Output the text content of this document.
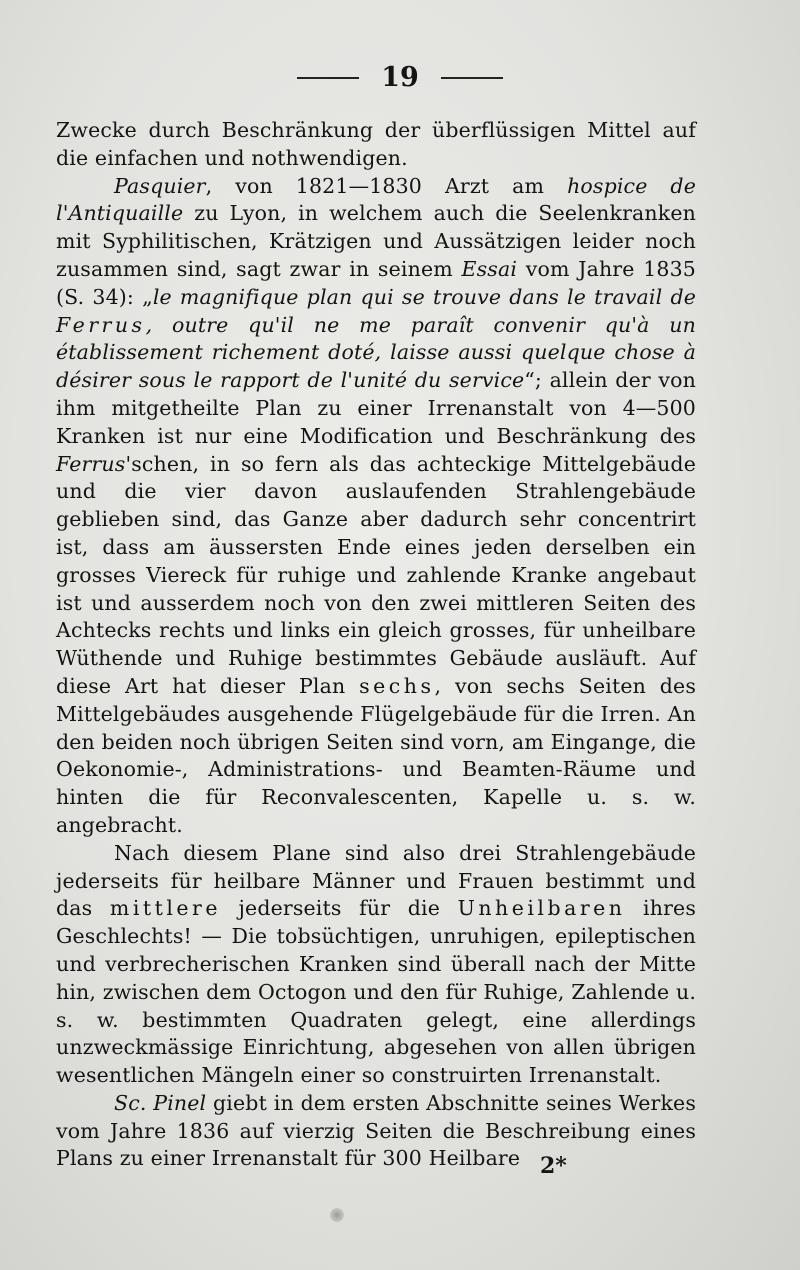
19

Zwecke durch Beschränkung der überflüssigen Mittel auf die einfachen und nothwendigen.

Pasquier, von 1821—1830 Arzt am hospice de l'Antiquaille zu Lyon, in welchem auch die Seelenkranken mit Syphilitischen, Krätzigen und Aussätzigen leider noch zusammen sind, sagt zwar in seinem Essai vom Jahre 1835 (S. 34): „le magnifique plan qui se trouve dans le travail de Ferrus, outre qu'il ne me paraît convenir qu'à un établissement richement doté, laisse aussi quelque chose à désirer sous le rapport de l'unité du service“; allein der von ihm mitgetheilte Plan zu einer Irrenanstalt von 4—500 Kranken ist nur eine Modification und Beschränkung des Ferrus'schen, in so fern als das achteckige Mittelgebäude und die vier davon auslaufenden Strahlengebäude geblieben sind, das Ganze aber dadurch sehr concentrirt ist, dass am äussersten Ende eines jeden derselben ein grosses Viereck für ruhige und zahlende Kranke angebaut ist und ausserdem noch von den zwei mittleren Seiten des Achtecks rechts und links ein gleich grosses, für unheilbare Wüthende und Ruhige bestimmtes Gebäude ausläuft. Auf diese Art hat dieser Plan sechs, von sechs Seiten des Mittelgebäudes ausgehende Flügelgebäude für die Irren. An den beiden noch übrigen Seiten sind vorn, am Eingange, die Oekonomie-, Administrations- und Beamten-Räume und hinten die für Reconvalescenten, Kapelle u. s. w. angebracht.

Nach diesem Plane sind also drei Strahlengebäude jederseits für heilbare Männer und Frauen bestimmt und das mittlere jederseits für die Unheilbaren ihres Geschlechts! — Die tobsüchtigen, unruhigen, epileptischen und verbrecherischen Kranken sind überall nach der Mitte hin, zwischen dem Octogon und den für Ruhige, Zahlende u. s. w. bestimmten Quadraten gelegt, eine allerdings unzweckmässige Einrichtung, abgesehen von allen übrigen wesentlichen Mängeln einer so construirten Irrenanstalt.

Sc. Pinel giebt in dem ersten Abschnitte seines Werkes vom Jahre 1836 auf vierzig Seiten die Beschreibung eines Plans zu einer Irrenanstalt für 300 Heilbare 2*
